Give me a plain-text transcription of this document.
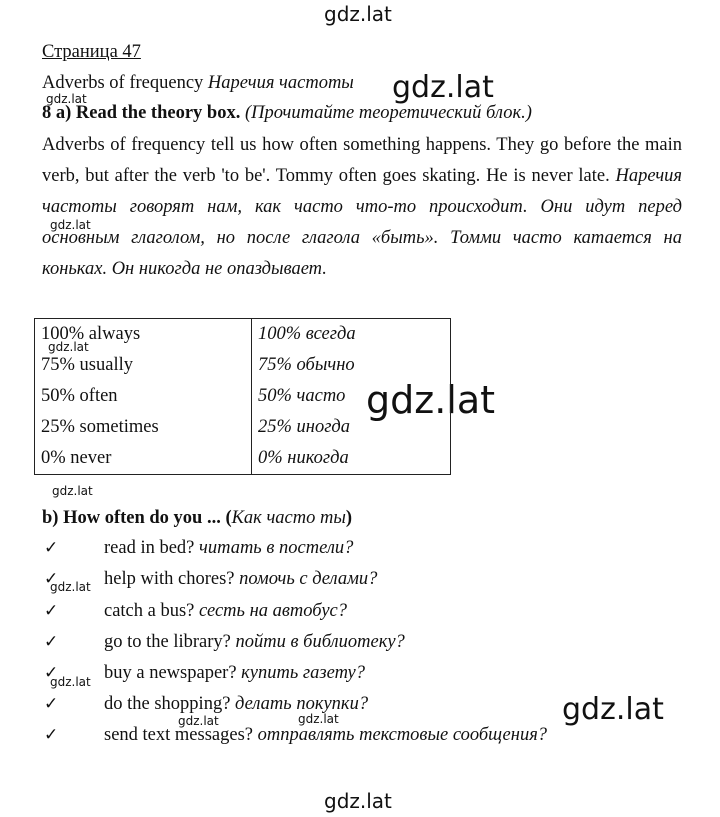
gdz.lat
gdz.lat
gdz.lat
gdz.lat
gdz.lat
gdz.lat
gdz.lat
gdz.lat
gdz.lat
gdz.lat
gdz.lat	gdz.lat
gdz.lat
Страница 47
Adverbs of frequency Наречия частоты
8 a) Read the theory box. (Прочитайте теоретический блок.)
Adverbs of frequency tell us how often something happens. They go before the main verb, but after the verb 'to be'. Tommy often goes skating. He is never late. Наречия частоты говорят нам, как часто что-то происходит. Они идут перед основным глаголом, но после глагола «быть». Томми часто катается на коньках. Он никогда не опаздывает.
100% always	100% всегда
75% usually	75% обычно
50% often	50% часто
25% sometimes	25% иногда
0% never	0% никогда
b) How often do you ... (Как часто ты)
✓ read in bed? читать в постели?
✓ help with chores? помочь с делами?
✓ catch a bus? сесть на автобус?
✓ go to the library? пойти в библиотеку?
✓ buy a newspaper? купить газету?
✓ do the shopping? делать покупки?
✓ send text messages? отправлять текстовые сообщения?
